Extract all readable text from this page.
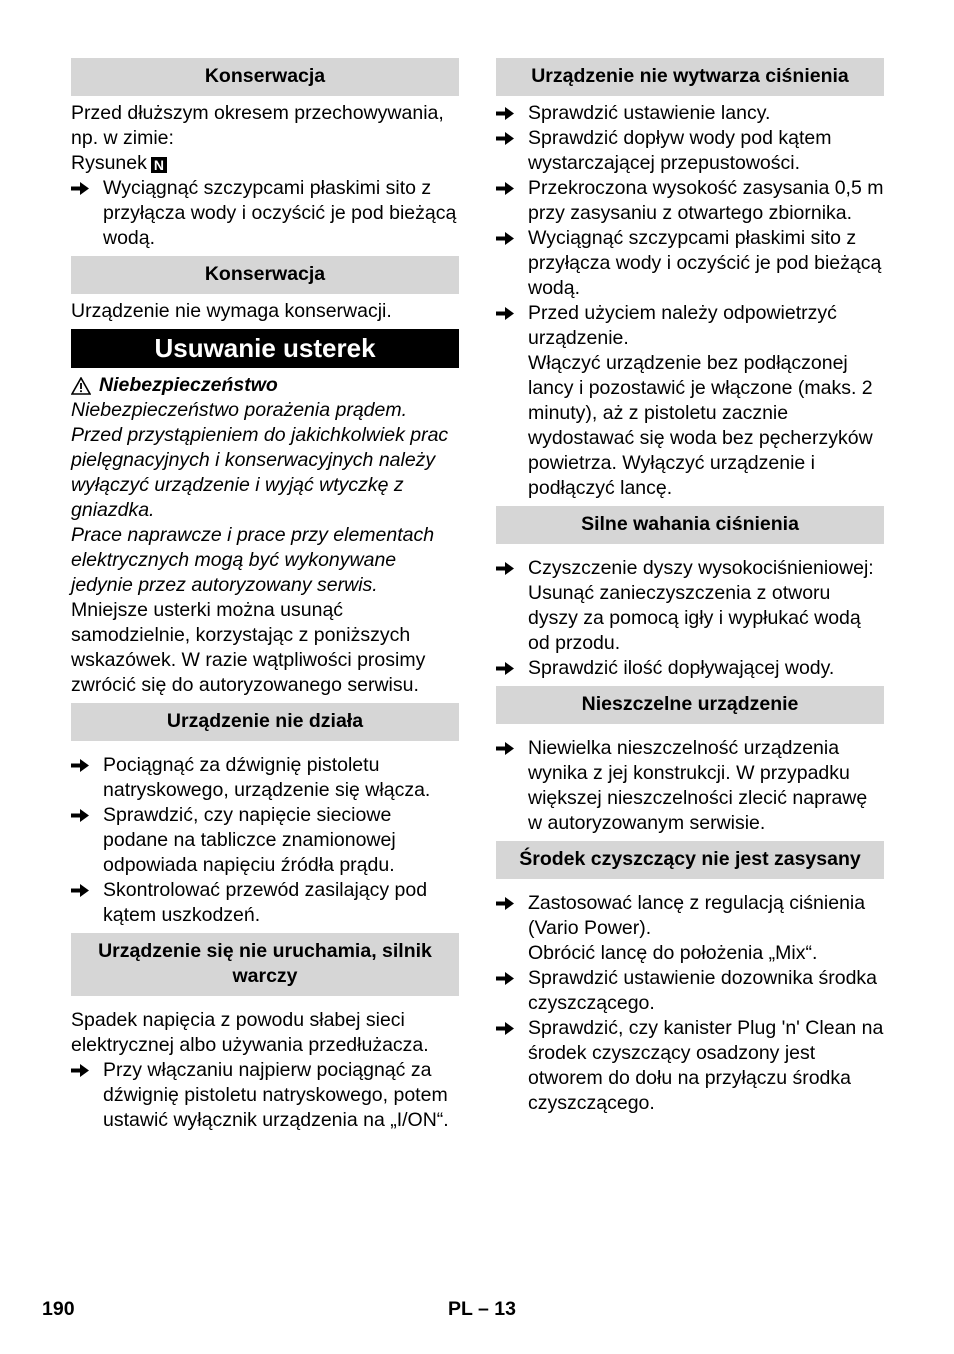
Konserwacja

Przed dłuższym okresem przechowywania, np. w zimie:

Rysunek N

Wyciągnąć szczypcami płaskimi sito z przyłącza wody i oczyścić je pod bieżącą wodą.
Konserwacja

Urządzenie nie wymaga konserwacji.

Usuwanie usterek
Niebezpieczeństwo

Niebezpieczeństwo porażenia prądem. Przed przystąpieniem do jakichkolwiek prac pielęgnacyjnych i konserwacyjnych należy wyłączyć urządzenie i wyjąć wtyczkę z gniazdka.

Prace naprawcze i prace przy elementach elektrycznych mogą być wykonywane jedynie przez autoryzowany serwis.

Mniejsze usterki można usunąć samodzielnie, korzystając z poniższych wskazówek. W razie wątpliwości prosimy zwrócić się do autoryzowanego serwisu.

Urządzenie nie działa
Pociągnąć za dźwignię pistoletu natryskowego, urządzenie się włącza.
Sprawdzić, czy napięcie sieciowe podane na tabliczce znamionowej odpowiada napięciu źródła prądu.
Skontrolować przewód zasilający pod kątem uszkodzeń.
Urządzenie się nie uruchamia, silnik warczy

Spadek napięcia z powodu słabej sieci elektrycznej albo używania przedłużacza.

Przy włączaniu najpierw pociągnąć za dźwignię pistoletu natryskowego, potem ustawić wyłącznik urządzenia na „I/ON“.
Urządzenie nie wytwarza ciśnienia
Sprawdzić ustawienie lancy.
Sprawdzić dopływ wody pod kątem wystarczającej przepustowości.
Przekroczona wysokość zasysania 0,5 m przy zasysaniu z otwartego zbiornika.
Wyciągnąć szczypcami płaskimi sito z przyłącza wody i oczyścić je pod bieżącą wodą.
Przed użyciem należy odpowietrzyć urządzenie.
Włączyć urządzenie bez podłączonej lancy i pozostawić je włączone (maks. 2 minuty), aż z pistoletu zacznie wydostawać się woda bez pęcherzyków powietrza. Wyłączyć urządzenie i podłączyć lancę.
Silne wahania ciśnienia
Czyszczenie dyszy wysokociśnieniowej: Usunąć zanieczyszczenia z otworu dyszy za pomocą igły i wypłukać wodą od przodu.
Sprawdzić ilość dopływającej wody.
Nieszczelne urządzenie
Niewielka nieszczelność urządzenia wynika z jej konstrukcji. W przypadku większej nieszczelności zlecić naprawę w autoryzowanym serwisie.
Środek czyszczący nie jest zasysany
Zastosować lancę z regulacją ciśnienia (Vario Power).
Obrócić lancę do położenia „Mix“.
Sprawdzić ustawienie dozownika środka czyszczącego.
Sprawdzić, czy kanister Plug 'n' Clean na środek czyszczący osadzony jest otworem do dołu na przyłączu środka czyszczącego.
190	PL – 13
